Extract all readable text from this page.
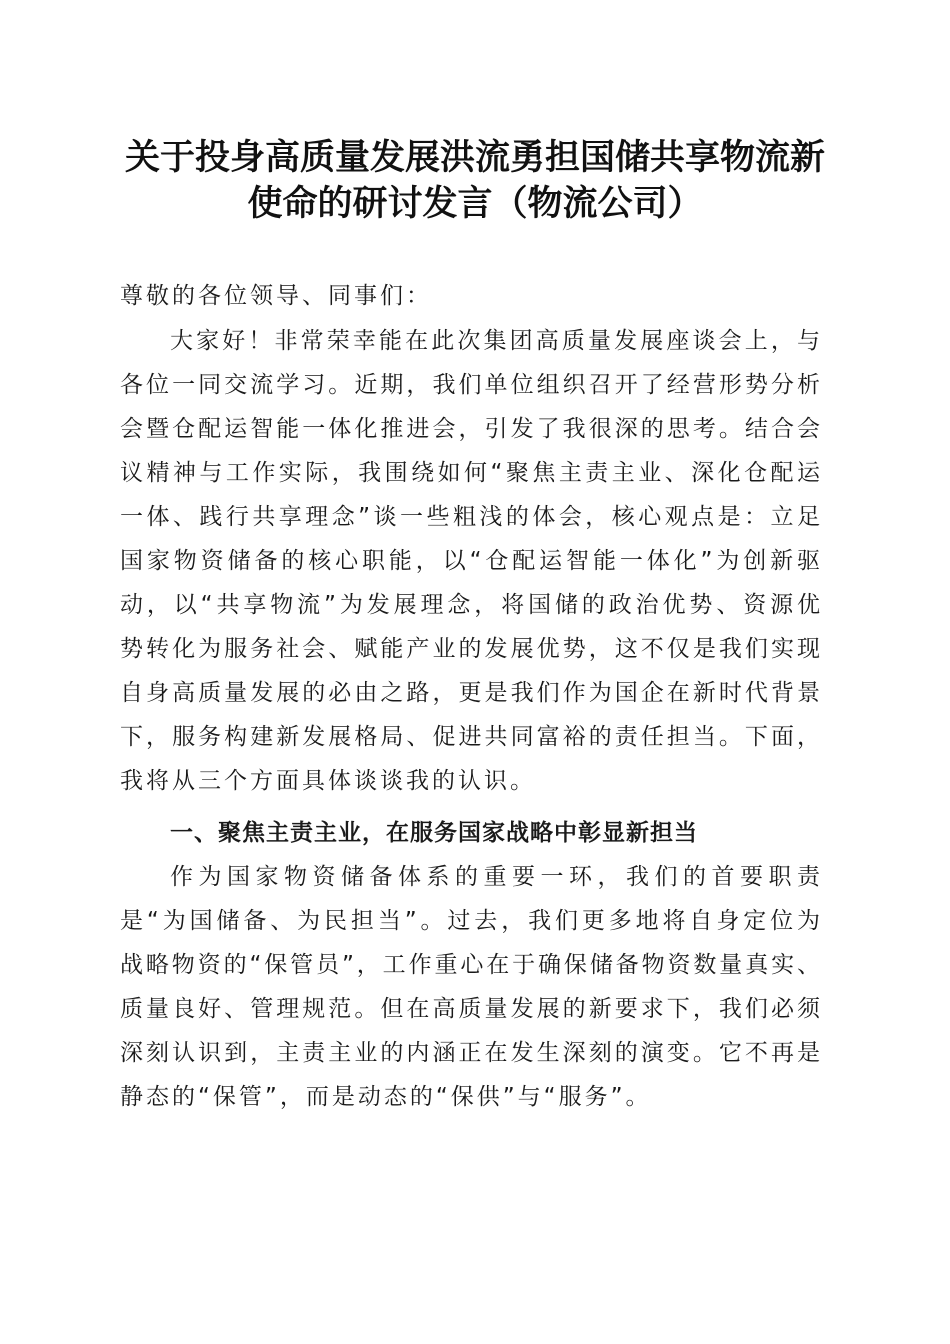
关于投身高质量发展洪流勇担国储共享物流新
使命的研讨发言（物流公司）
尊敬的各位领导、同事们：
大家好！非常荣幸能在此次集团高质量发展座谈会上，与
各位一同交流学习。近期，我们单位组织召开了经营形势分析
会暨仓配运智能一体化推进会，引发了我很深的思考。结合会
议精神与工作实际，我围绕如何“聚焦主责主业、深化仓配运
一体、践行共享理念”谈一些粗浅的体会，核心观点是：立足
国家物资储备的核心职能，以“仓配运智能一体化”为创新驱
动，以“共享物流”为发展理念，将国储的政治优势、资源优
势转化为服务社会、赋能产业的发展优势，这不仅是我们实现
自身高质量发展的必由之路，更是我们作为国企在新时代背景
下，服务构建新发展格局、促进共同富裕的责任担当。下面，
我将从三个方面具体谈谈我的认识。
一、聚焦主责主业，在服务国家战略中彰显新担当
作为国家物资储备体系的重要一环，我们的首要职责
是“为国储备、为民担当”。过去，我们更多地将自身定位为
战略物资的“保管员”，工作重心在于确保储备物资数量真实、
质量良好、管理规范。但在高质量发展的新要求下，我们必须
深刻认识到，主责主业的内涵正在发生深刻的演变。它不再是
静态的“保管”，而是动态的“保供”与“服务”。
